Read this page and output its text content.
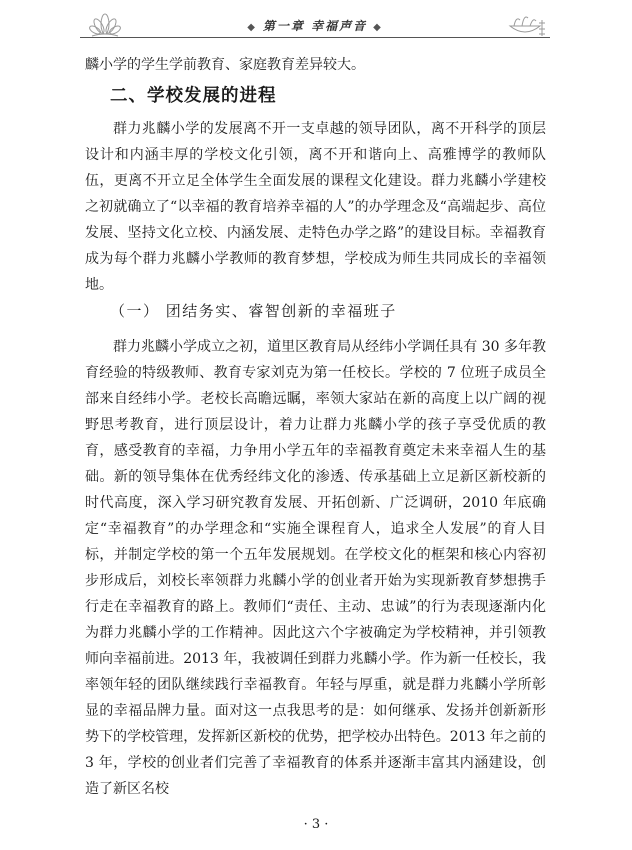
◆ 第一章 幸福声音 ◆
麟小学的学生学前教育、家庭教育差异较大。
二、学校发展的进程
群力兆麟小学的发展离不开一支卓越的领导团队，离不开科学的顶层设计和内涵丰厚的学校文化引领，离不开和谐向上、高雅博学的教师队伍，更离不开立足全体学生全面发展的课程文化建设。群力兆麟小学建校之初就确立了“以幸福的教育培养幸福的人”的办学理念及“高端起步、高位发展、坚持文化立校、内涵发展、走特色办学之路”的建设目标。幸福教育成为每个群力兆麟小学教师的教育梦想，学校成为师生共同成长的幸福领地。
（一） 团结务实、睿智创新的幸福班子
群力兆麟小学成立之初，道里区教育局从经纬小学调任具有 30 多年教育经验的特级教师、教育专家刘克为第一任校长。学校的 7 位班子成员全部来自经纬小学。老校长高瞻远瞩，率领大家站在新的高度上以广阔的视野思考教育，进行顶层设计，着力让群力兆麟小学的孩子享受优质的教育，感受教育的幸福，力争用小学五年的幸福教育奠定未来幸福人生的基础。新的领导集体在优秀经纬文化的渗透、传承基础上立足新区新校新的时代高度，深入学习研究教育发展、开拓创新、广泛调研，2010 年底确定“幸福教育”的办学理念和“实施全课程育人，追求全人发展”的育人目标，并制定学校的第一个五年发展规划。在学校文化的框架和核心内容初步形成后，刘校长率领群力兆麟小学的创业者开始为实现新教育梦想携手行走在幸福教育的路上。教师们“责任、主动、忠诚”的行为表现逐渐内化为群力兆麟小学的工作精神。因此这六个字被确定为学校精神，并引领教师向幸福前进。2013 年，我被调任到群力兆麟小学。作为新一任校长，我率领年轻的团队继续践行幸福教育。年轻与厚重，就是群力兆麟小学所彰显的幸福品牌力量。面对这一点我思考的是：如何继承、发扬并创新新形势下的学校管理，发挥新区新校的优势，把学校办出特色。2013 年之前的 3 年，学校的创业者们完善了幸福教育的体系并逐渐丰富其内涵建设，创造了新区名校
· 3 ·
